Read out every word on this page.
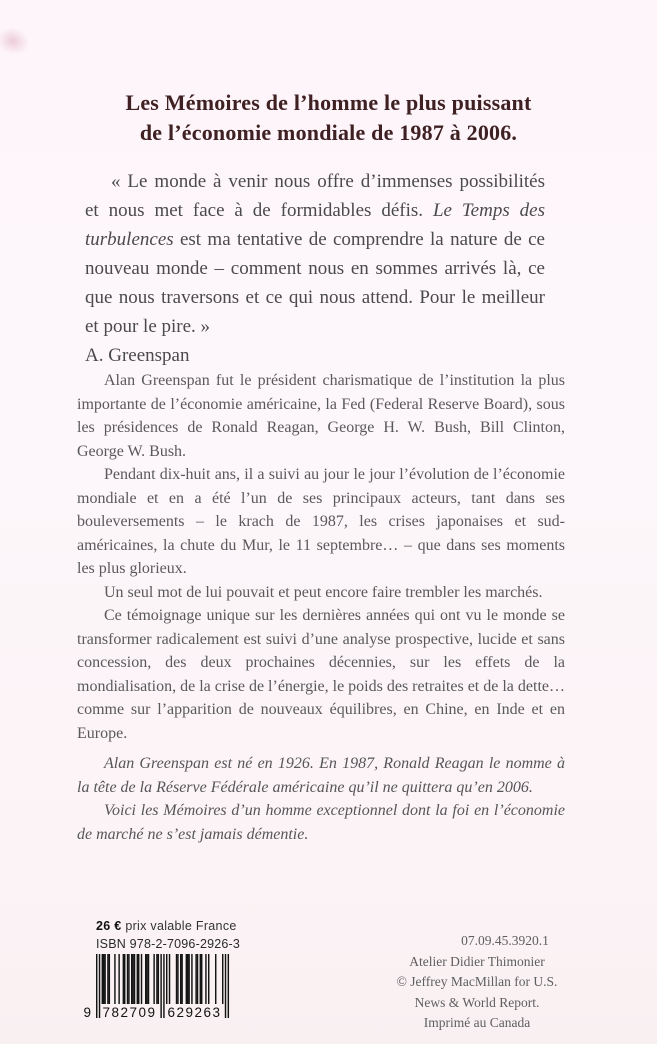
Les Mémoires de l’homme le plus puissant
de l’économie mondiale de 1987 à 2006.

« Le monde à venir nous offre d’immenses possibilités et nous met face à de formidables défis. Le Temps des turbulences est ma tentative de comprendre la nature de ce nouveau monde – comment nous en sommes arrivés là, ce que nous traversons et ce qui nous attend. Pour le meilleur et pour le pire. »

A. Greenspan

Alan Greenspan fut le président charismatique de l’institution la plus importante de l’économie américaine, la Fed (Federal Reserve Board), sous les présidences de Ronald Reagan, George H. W. Bush, Bill Clinton, George W. Bush.

Pendant dix-huit ans, il a suivi au jour le jour l’évolution de l’économie mondiale et en a été l’un de ses principaux acteurs, tant dans ses bouleversements – le krach de 1987, les crises japonaises et sud-américaines, la chute du Mur, le 11 septembre… – que dans ses moments les plus glorieux.

Un seul mot de lui pouvait et peut encore faire trembler les marchés.

Ce témoignage unique sur les dernières années qui ont vu le monde se transformer radicalement est suivi d’une analyse prospective, lucide et sans concession, des deux prochaines décennies, sur les effets de la mondialisation, de la crise de l’énergie, le poids des retraites et de la dette… comme sur l’apparition de nouveaux équilibres, en Chine, en Inde et en Europe.

Alan Greenspan est né en 1926. En 1987, Ronald Reagan le nomme à la tête de la Réserve Fédérale américaine qu’il ne quittera qu’en 2006.

Voici les Mémoires d’un homme exceptionnel dont la foi en l’économie de marché ne s’est jamais démentie.

26 € prix valable France
ISBN 978-2-7096-2926-3
9 782709 629263
07.09.45.3920.1
Atelier Didier Thimonier
© Jeffrey MacMillan for U.S.
News & World Report.
Imprimé au Canada
